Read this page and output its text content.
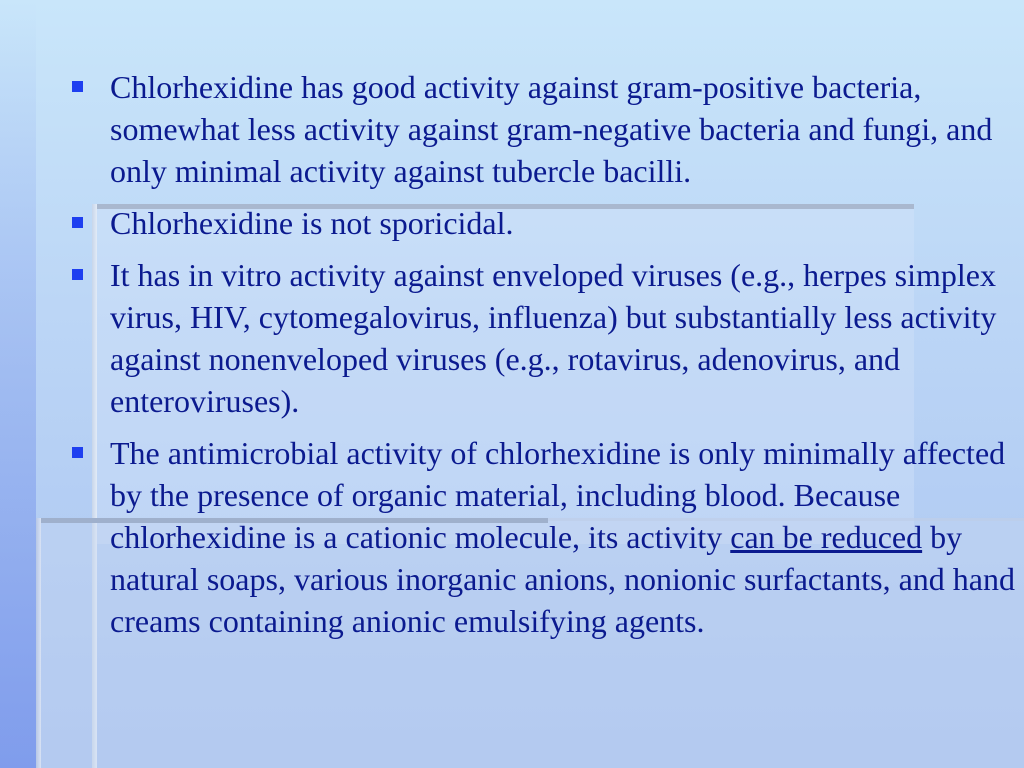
Chlorhexidine has good activity against gram-positive bacteria, somewhat less activity against gram-negative bacteria and fungi, and only minimal activity against tubercle bacilli.
Chlorhexidine is not sporicidal.
It has in vitro activity against enveloped viruses (e.g., herpes simplex virus, HIV, cytomegalovirus, influenza) but substantially less activity against nonenveloped viruses (e.g., rotavirus, adenovirus, and enteroviruses).
The antimicrobial activity of chlorhexidine is only minimally affected by the presence of organic material, including blood. Because chlorhexidine is a cationic molecule, its activity can be reduced by natural soaps, various inorganic anions, nonionic surfactants, and hand creams containing anionic emulsifying agents.
